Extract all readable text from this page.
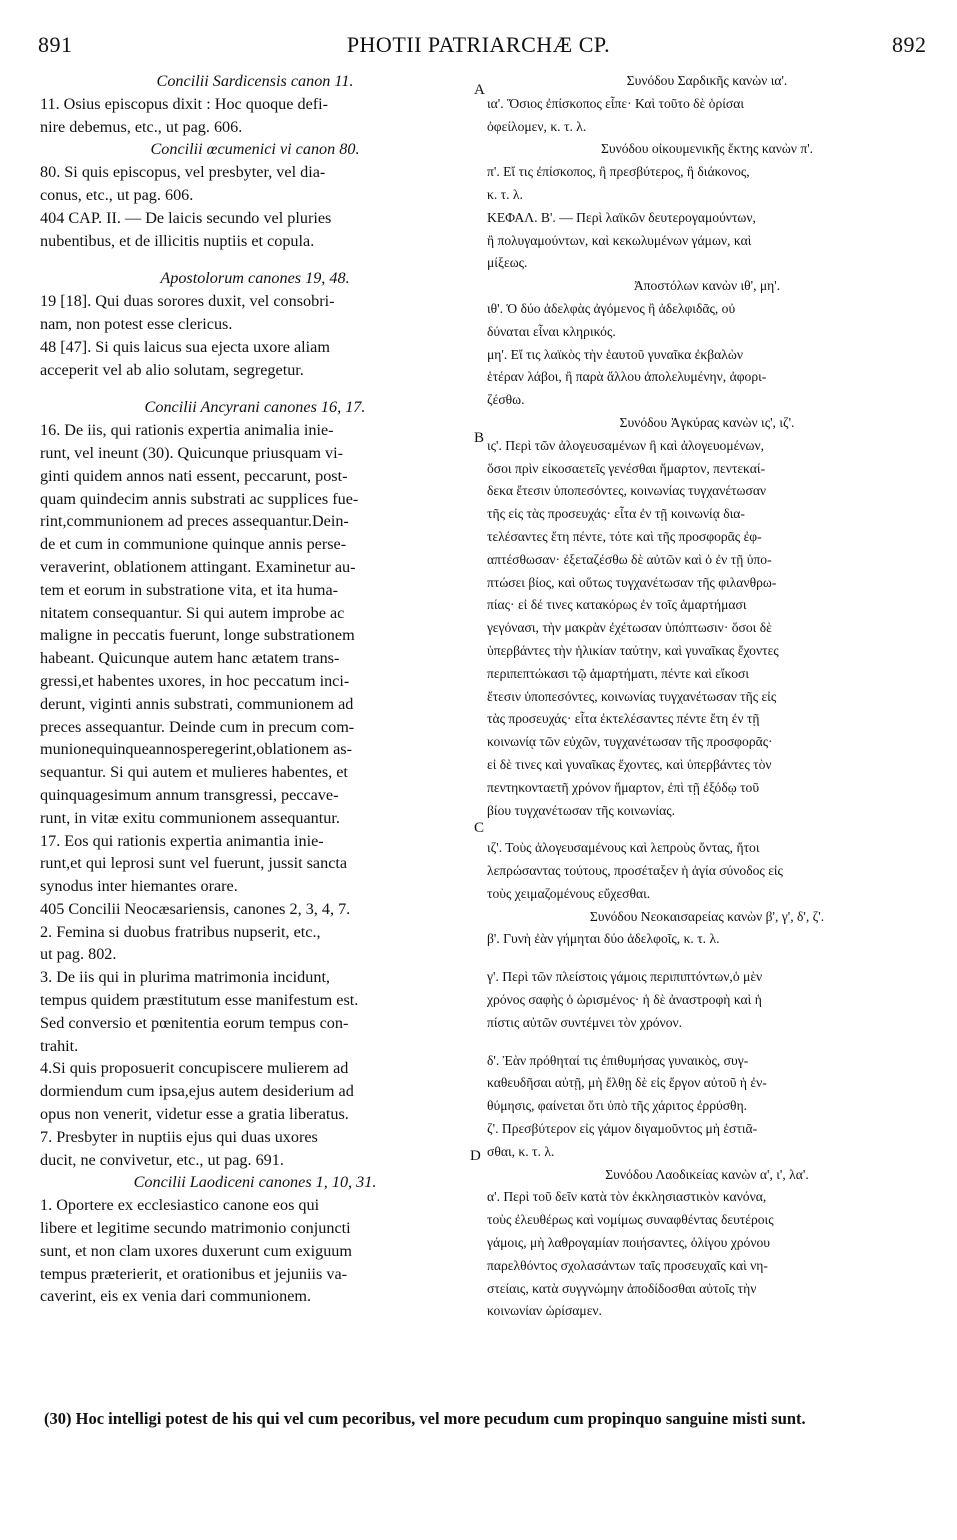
891	PHOTII PATRIARCHÆ CP.	892
A
B
C
D
Concilii Sardicensis canon 11.
11. Osius episcopus dixit : Hoc quoque defi-
nire debemus, etc., ut pag. 606.
Concilii œcumenici vi canon 80.
80. Si quis episcopus, vel presbyter, vel dia-
conus, etc., ut pag. 606.
404 CAP. II. — De laicis secundo vel pluries
nubentibus, et de illicitis nuptiis et copula.
Apostolorum canones 19, 48.
19 [18]. Qui duas sorores duxit, vel consobri-
nam, non potest esse clericus.
48 [47]. Si quis laicus sua ejecta uxore aliam
acceperit vel ab alio solutam, segregetur.
Concilii Ancyrani canones 16, 17.
16. De iis, qui rationis expertia animalia inie-
runt, vel ineunt (30). Quicunque priusquam vi-
ginti quidem annos nati essent, peccarunt, post-
quam quindecim annis substrati ac supplices fue-
rint,communionem ad preces assequantur.Dein-
de et cum in communione quinque annis perse-
veraverint, oblationem attingant. Examinetur au-
tem et eorum in substratione vita, et ita huma-
nitatem consequantur. Si qui autem improbe ac
maligne in peccatis fuerunt, longe substrationem
habeant. Quicunque autem hanc ætatem trans-
gressi,et habentes uxores, in hoc peccatum inci-
derunt, viginti annis substrati, communionem ad
preces assequantur. Deinde cum in precum com-
munionequinqueannosperegerint,oblationem as-
sequantur. Si qui autem et mulieres habentes, et
quinquagesimum annum transgressi, peccave-
runt, in vitæ exitu communionem assequantur.
17. Eos qui rationis expertia animantia inie-
runt,et qui leprosi sunt vel fuerunt, jussit sancta
synodus inter hiemantes orare.
405 Concilii Neocæsariensis, canones 2, 3, 4, 7.
2. Femina si duobus fratribus nupserit, etc.,
ut pag. 802.
3. De iis qui in plurima matrimonia incidunt,
tempus quidem præstitutum esse manifestum est.
Sed conversio et pœnitentia eorum tempus con-
trahit.
4.Si quis proposuerit concupiscere mulierem ad
dormiendum cum ipsa,ejus autem desiderium ad
opus non venerit, videtur esse a gratia liberatus.
7. Presbyter in nuptiis ejus qui duas uxores
ducit, ne convivetur, etc., ut pag. 691.
Concilii Laodiceni canones 1, 10, 31.
1. Oportere ex ecclesiastico canone eos qui
libere et legitime secundo matrimonio conjuncti
sunt, et non clam uxores duxerunt cum exiguum
tempus præterierit, et orationibus et jejuniis va-
caverint, eis ex venia dari communionem.
Συνόδου Σαρδικῆς κανὼν ια'.
ια'. Ὅσιος ἐπίσκοπος εἶπε· Καὶ τοῦτο δὲ ὁρίσαι
ὀφείλομεν, κ. τ. λ.
Συνόδου οἰκουμενικῆς ἕκτης κανὼν π'.
π'. Εἴ τις ἐπίσκοπος, ἢ πρεσβύτερος, ἢ διάκονος,
κ. τ. λ.
ΚΕΦΑΛ. Β'. — Περὶ λαϊκῶν δευτερογαμούντων,
ἢ πολυγαμούντων, καὶ κεκωλυμένων γάμων, καὶ
μίξεως.
Ἀποστόλων κανὼν ιθ', μη'.
ιθ'. Ὁ δύο ἀδελφὰς ἀγόμενος ἢ ἀδελφιδᾶς, οὐ
δύναται εἶναι κληρικός.
μη'. Εἴ τις λαϊκὸς τὴν ἑαυτοῦ γυναῖκα ἐκβαλὼν
ἑτέραν λάβοι, ἢ παρὰ ἄλλου ἀπολελυμένην, ἀφορι-
ζέσθω.
Συνόδου Ἀγκύρας κανὼν ις', ιζ'.
ις'. Περὶ τῶν ἀλογευσαμένων ἢ καὶ ἀλογευομένων,
ὅσοι πρὶν εἰκοσαετεῖς γενέσθαι ἥμαρτον, πεντεκαί-
δεκα ἔτεσιν ὑποπεσόντες, κοινωνίας τυγχανέτωσαν
τῆς εἰς τὰς προσευχάς· εἶτα ἐν τῇ κοινωνίᾳ δια-
τελέσαντες ἔτη πέντε, τότε καὶ τῆς προσφορᾶς ἐφ-
απτέσθωσαν· ἐξεταζέσθω δὲ αὐτῶν καὶ ὁ ἐν τῇ ὑπο-
πτώσει βίος, καὶ οὕτως τυγχανέτωσαν τῆς φιλανθρω-
πίας· εἰ δέ τινες κατακόρως ἐν τοῖς ἁμαρτήμασι
γεγόνασι, τὴν μακρὰν ἐχέτωσαν ὑπόπτωσιν· ὅσοι δὲ
ὑπερβάντες τὴν ἡλικίαν ταύτην, καὶ γυναῖκας ἔχοντες
περιπεπτώκασι τῷ ἁμαρτήματι, πέντε καὶ εἴκοσι
ἔτεσιν ὑποπεσόντες, κοινωνίας τυγχανέτωσαν τῆς εἰς
τὰς προσευχάς· εἶτα ἐκτελέσαντες πέντε ἔτη ἐν τῇ
κοινωνίᾳ τῶν εὐχῶν, τυγχανέτωσαν τῆς προσφορᾶς·
εἰ δὲ τινες καὶ γυναῖκας ἔχοντες, καὶ ὑπερβάντες τὸν
πεντηκονταετῆ χρόνον ἥμαρτον, ἐπὶ τῇ ἐξόδῳ τοῦ
βίου τυγχανέτωσαν τῆς κοινωνίας.
ιζ'. Τοὺς ἀλογευσαμένους καὶ λεπροὺς ὄντας, ἤτοι
λεπρώσαντας τούτους, προσέταξεν ἡ ἁγία σύνοδος εἰς
τοὺς χειμαζομένους εὔχεσθαι.
Συνόδου Νεοκαισαρείας κανὼν β', γ', δ', ζ'.
β'. Γυνὴ ἐὰν γήμηται δύο ἀδελφοῖς, κ. τ. λ.
γ'. Περὶ τῶν πλείστοις γάμοις περιπιπτόντων,ὁ μὲν
χρόνος σαφὴς ὁ ὡρισμένος· ἡ δὲ ἀναστροφὴ καὶ ἡ
πίστις αὐτῶν συντέμνει τὸν χρόνον.
δ'. Ἐὰν πρόθηταί τις ἐπιθυμήσας γυναικὸς, συγ-
καθευδῆσαι αὐτῇ, μὴ ἔλθῃ δὲ εἰς ἔργον αὐτοῦ ἡ ἐν-
θύμησις, φαίνεται ὅτι ὑπὸ τῆς χάριτος ἐρρύσθη.
ζ'. Πρεσβύτερον εἰς γάμον διγαμοῦντος μὴ ἑστιᾶ-
σθαι, κ. τ. λ.
Συνόδου Λαοδικείας κανὼν α', ι', λα'.
α'. Περὶ τοῦ δεῖν κατὰ τὸν ἐκκλησιαστικὸν κανόνα,
τοὺς ἐλευθέρως καὶ νομίμως συναφθέντας δευτέροις
γάμοις, μὴ λαθρογαμίαν ποιήσαντες, ὀλίγου χρόνου
παρελθόντος σχολασάντων ταῖς προσευχαῖς καὶ νη-
στείαις, κατὰ συγγνώμην ἀποδίδοσθαι αὐτοῖς τὴν
κοινωνίαν ὡρίσαμεν.
(30) Hoc intelligi potest de his qui vel cum pecoribus, vel more pecudum cum propinquo sanguine misti sunt.
